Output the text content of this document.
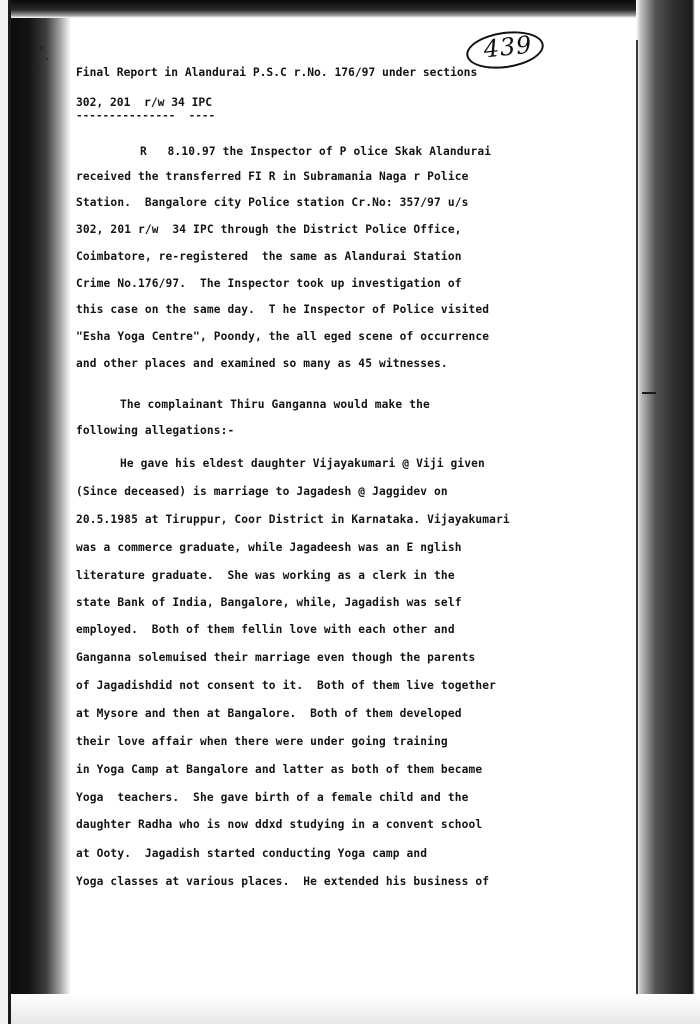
439
Final Report in Alandurai P.S.C r.No. 176/97 under sections
302, 201  r/w 34 IPC
---------------  ----
R   8.10.97 the Inspector of P olice Skak Alandurai
received the transferred FI R in Subramania Naga r Police
Station.  Bangalore city Police station Cr.No: 357/97 u/s
302, 201 r/w  34 IPC through the District Police Office,
Coimbatore, re-registered  the same as Alandurai Station
Crime No.176/97.  The Inspector took up investigation of
this case on the same day.  T he Inspector of Police visited
"Esha Yoga Centre", Poondy, the all eged scene of occurrence
and other places and examined so many as 45 witnesses.
The complainant Thiru Ganganna would make the
following allegations:-
He gave his eldest daughter Vijayakumari @ Viji given
(Since deceased) is marriage to Jagadesh @ Jaggidev on
20.5.1985 at Tiruppur, Coor District in Karnataka. Vijayakumari
was a commerce graduate, while Jagadeesh was an E nglish
literature graduate.  She was working as a clerk in the
state Bank of India, Bangalore, while, Jagadish was self
employed.  Both of them fellin love with each other and
Ganganna solemuised their marriage even though the parents
of Jagadishdid not consent to it.  Both of them live together
at Mysore and then at Bangalore.  Both of them developed
their love affair when there were under going training
in Yoga Camp at Bangalore and latter as both of them became
Yoga  teachers.  She gave birth of a female child and the
daughter Radha who is now ddxd studying in a convent school
at Ooty.  Jagadish started conducting Yoga camp and
Yoga classes at various places.  He extended his business of
